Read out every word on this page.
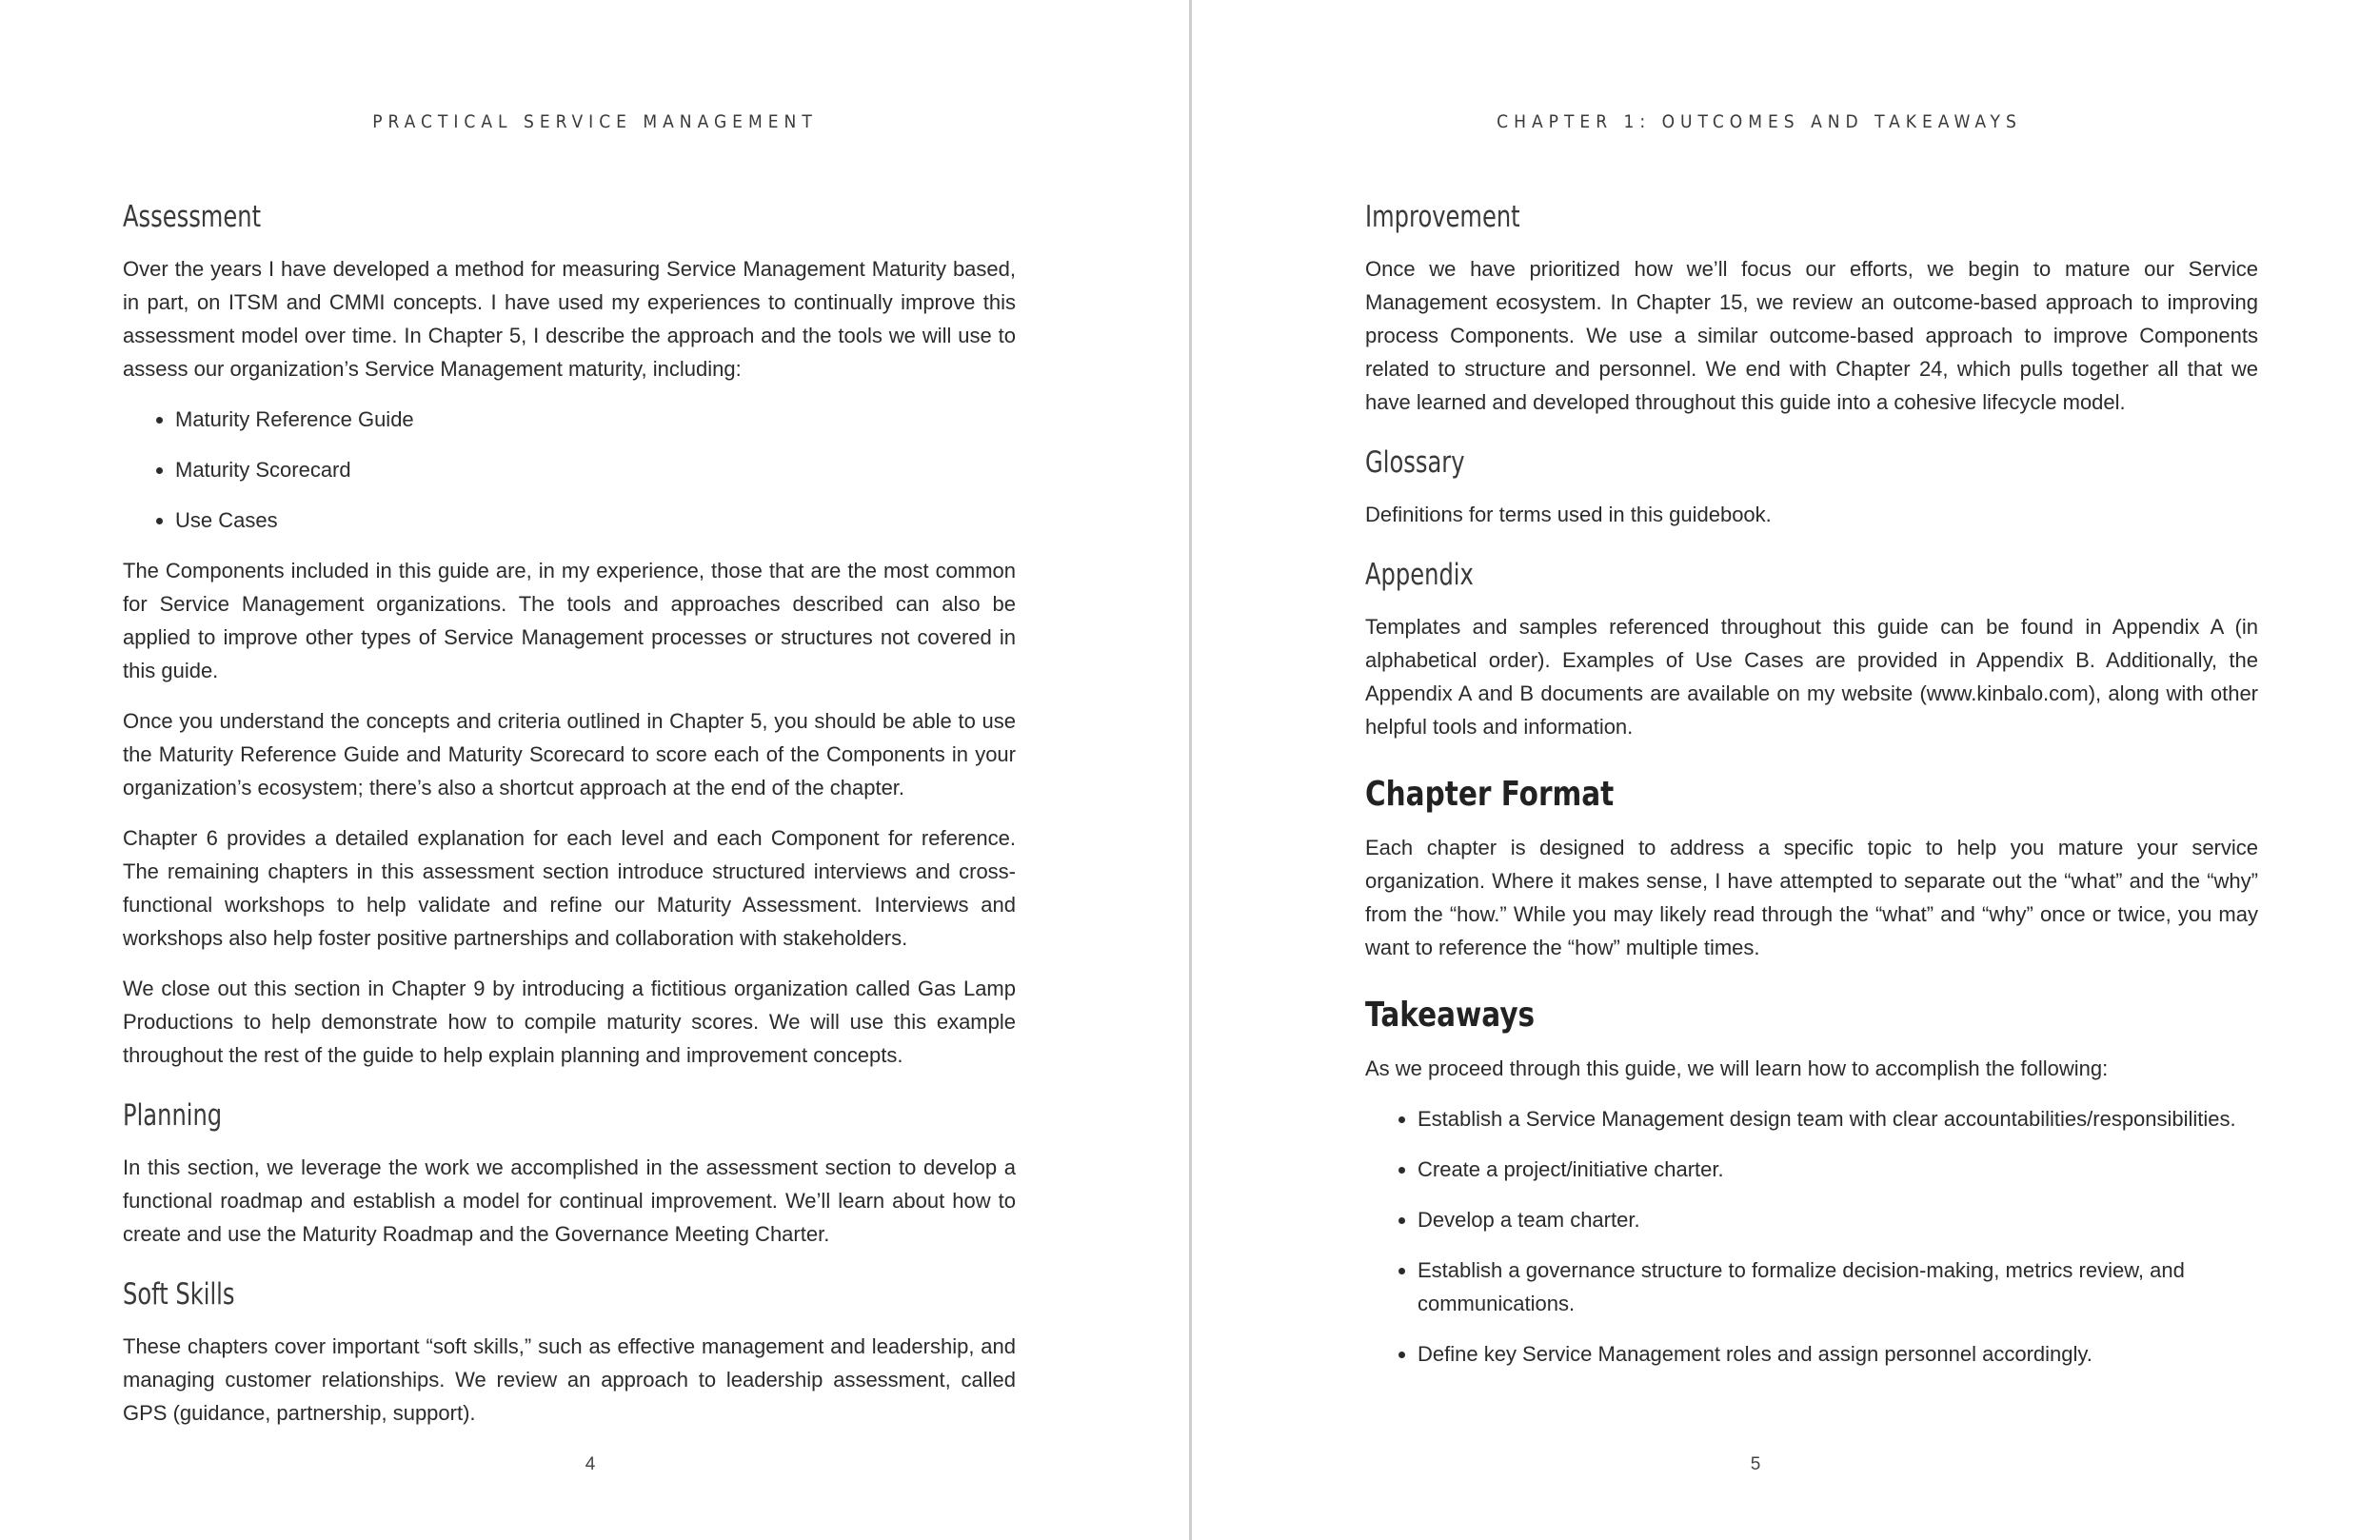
PRACTICAL SERVICE MANAGEMENT
Assessment

Over the years I have developed a method for measuring Service Management Maturity based, in part, on ITSM and CMMI concepts. I have used my experiences to continually improve this assessment model over time. In Chapter 5, I describe the approach and the tools we will use to assess our organization’s Service Management maturity, including:

• Maturity Reference Guide
• Maturity Scorecard
• Use Cases

The Components included in this guide are, in my experience, those that are the most common for Service Management organizations. The tools and approaches described can also be applied to improve other types of Service Management processes or structures not covered in this guide.

Once you understand the concepts and criteria outlined in Chapter 5, you should be able to use the Maturity Reference Guide and Maturity Scorecard to score each of the Components in your organization’s ecosystem; there’s also a shortcut approach at the end of the chapter.

Chapter 6 provides a detailed explanation for each level and each Component for reference. The remaining chapters in this assessment section introduce structured interviews and cross-functional workshops to help validate and refine our Maturity Assessment. Interviews and workshops also help foster positive partnerships and collaboration with stakeholders.

We close out this section in Chapter 9 by introducing a fictitious organization called Gas Lamp Productions to help demonstrate how to compile maturity scores. We will use this example throughout the rest of the guide to help explain planning and improvement concepts.

Planning

In this section, we leverage the work we accomplished in the assessment section to develop a functional roadmap and establish a model for continual improvement. We’ll learn about how to create and use the Maturity Roadmap and the Governance Meeting Charter.

Soft Skills

These chapters cover important “soft skills,” such as effective management and leadership, and managing customer relationships. We review an approach to leadership assessment, called GPS (guidance, partnership, support).

4
CHAPTER 1: OUTCOMES AND TAKEAWAYS
Improvement

Once we have prioritized how we’ll focus our efforts, we begin to mature our Service Management ecosystem. In Chapter 15, we review an outcome-based approach to improving process Components. We use a similar outcome-based approach to improve Components related to structure and personnel. We end with Chapter 24, which pulls together all that we have learned and developed throughout this guide into a cohesive lifecycle model.

Glossary

Definitions for terms used in this guidebook.

Appendix

Templates and samples referenced throughout this guide can be found in Appendix A (in alphabetical order). Examples of Use Cases are provided in Appendix B. Additionally, the Appendix A and B documents are available on my website (www.kinbalo.com), along with other helpful tools and information.

Chapter Format

Each chapter is designed to address a specific topic to help you mature your service organization. Where it makes sense, I have attempted to separate out the “what” and the “why” from the “how.” While you may likely read through the “what” and “why” once or twice, you may want to reference the “how” multiple times.

Takeaways

As we proceed through this guide, we will learn how to accomplish the following:

• Establish a Service Management design team with clear accountabilities/responsibilities.
• Create a project/initiative charter.
• Develop a team charter.
• Establish a governance structure to formalize decision-making, metrics review, and communications.
• Define key Service Management roles and assign personnel accordingly.
5
